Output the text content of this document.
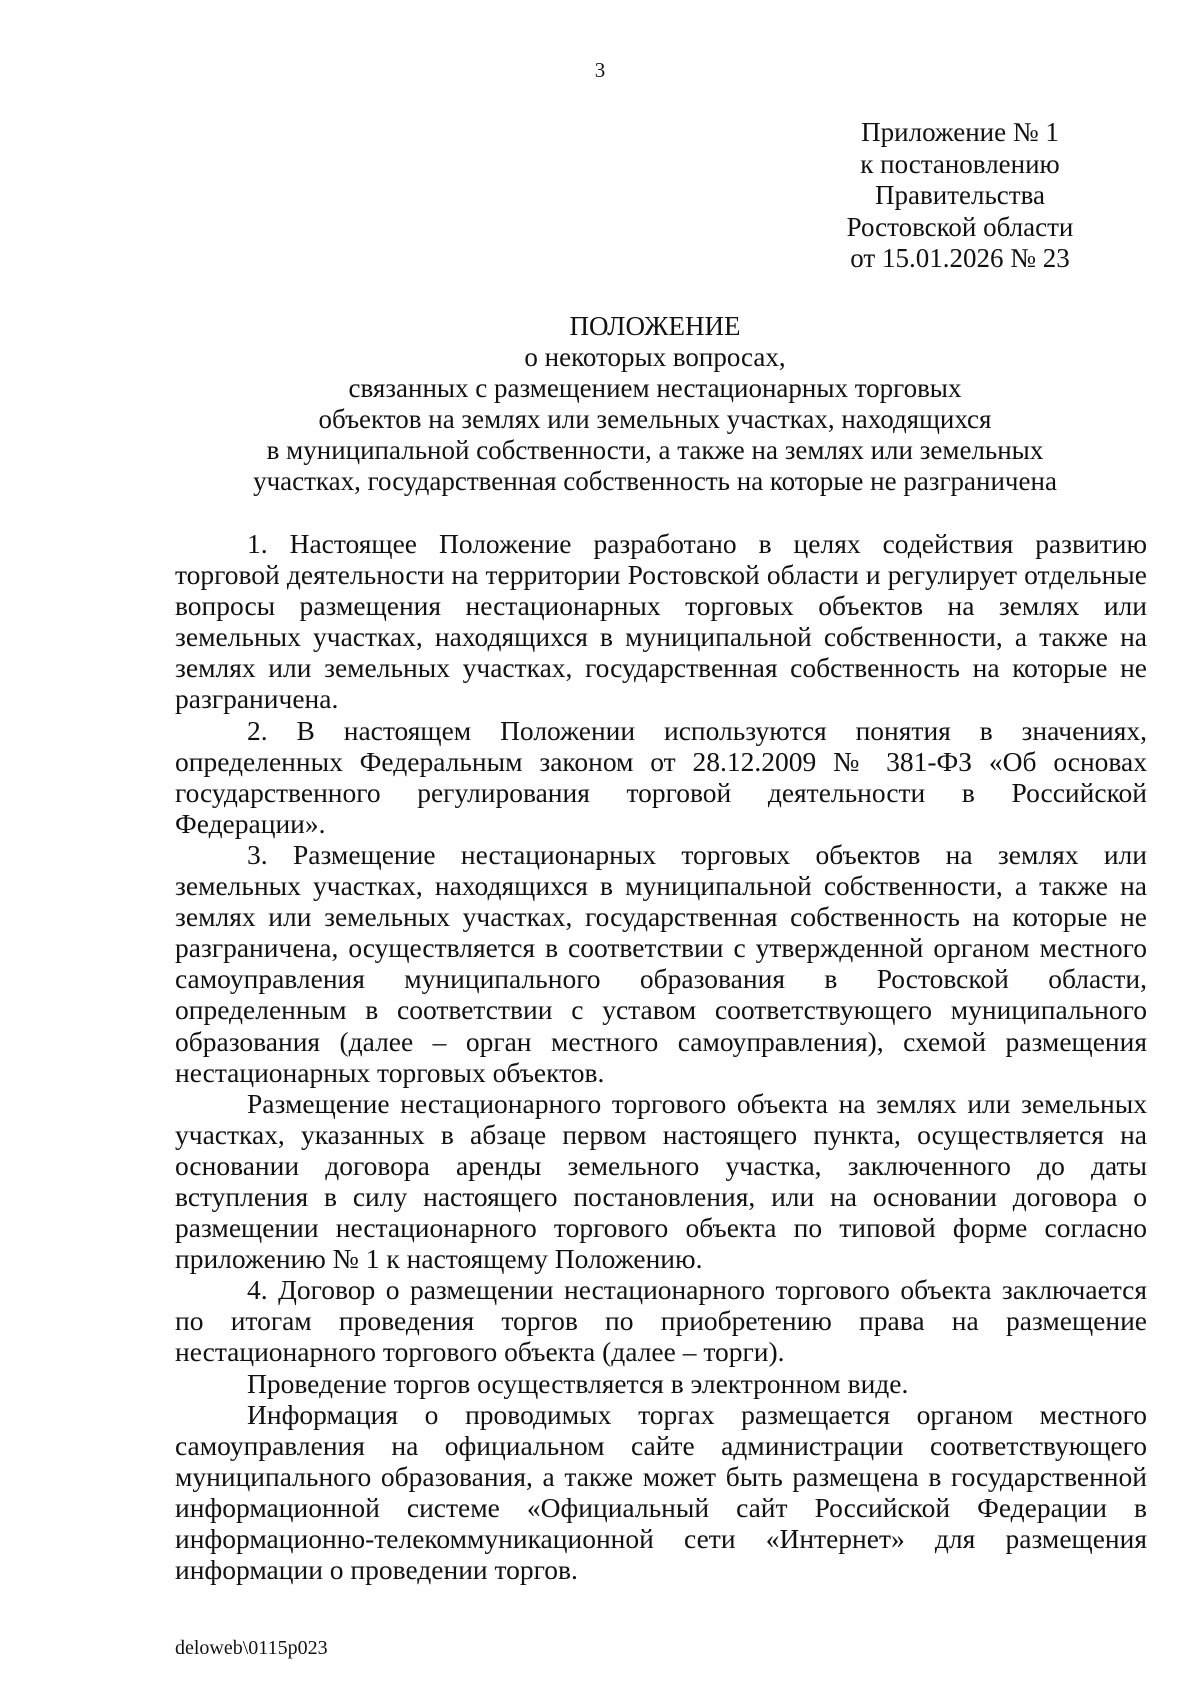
3
Приложение № 1
к постановлению
Правительства
Ростовской области
от 15.01.2026 № 23
ПОЛОЖЕНИЕ
о некоторых вопросах,
связанных с размещением нестационарных торговых
объектов на землях или земельных участках, находящихся
в муниципальной собственности, а также на землях или земельных
участках, государственная собственность на которые не разграничена

1. Настоящее Положение разработано в целях содействия развитию торговой деятельности на территории Ростовской области и регулирует отдельные вопросы размещения нестационарных торговых объектов на землях или земельных участках, находящихся в муниципальной собственности, а также на землях или земельных участках, государственная собственность на которые не разграничена.

2. В настоящем Положении используются понятия в значениях, определенных Федеральным законом от 28.12.2009 № 381-ФЗ «Об основах государственного регулирования торговой деятельности в Российской Федерации».

3. Размещение нестационарных торговых объектов на землях или земельных участках, находящихся в муниципальной собственности, а также на землях или земельных участках, государственная собственность на которые не разграничена, осуществляется в соответствии с утвержденной органом местного самоуправления муниципального образования в Ростовской области, определенным в соответствии с уставом соответствующего муниципального образования (далее – орган местного самоуправления), схемой размещения нестационарных торговых объектов.

Размещение нестационарного торгового объекта на землях или земельных участках, указанных в абзаце первом настоящего пункта, осуществляется на основании договора аренды земельного участка, заключенного до даты вступления в силу настоящего постановления, или на основании договора о размещении нестационарного торгового объекта по типовой форме согласно приложению № 1 к настоящему Положению.

4. Договор о размещении нестационарного торгового объекта заключается по итогам проведения торгов по приобретению права на размещение нестационарного торгового объекта (далее – торги).

Проведение торгов осуществляется в электронном виде.

Информация о проводимых торгах размещается органом местного самоуправления на официальном сайте администрации соответствующего муниципального образования, а также может быть размещена в государственной информационной системе «Официальный сайт Российской Федерации в информационно-телекоммуникационной сети «Интернет» для размещения информации о проведении торгов.

deloweb\0115p023
